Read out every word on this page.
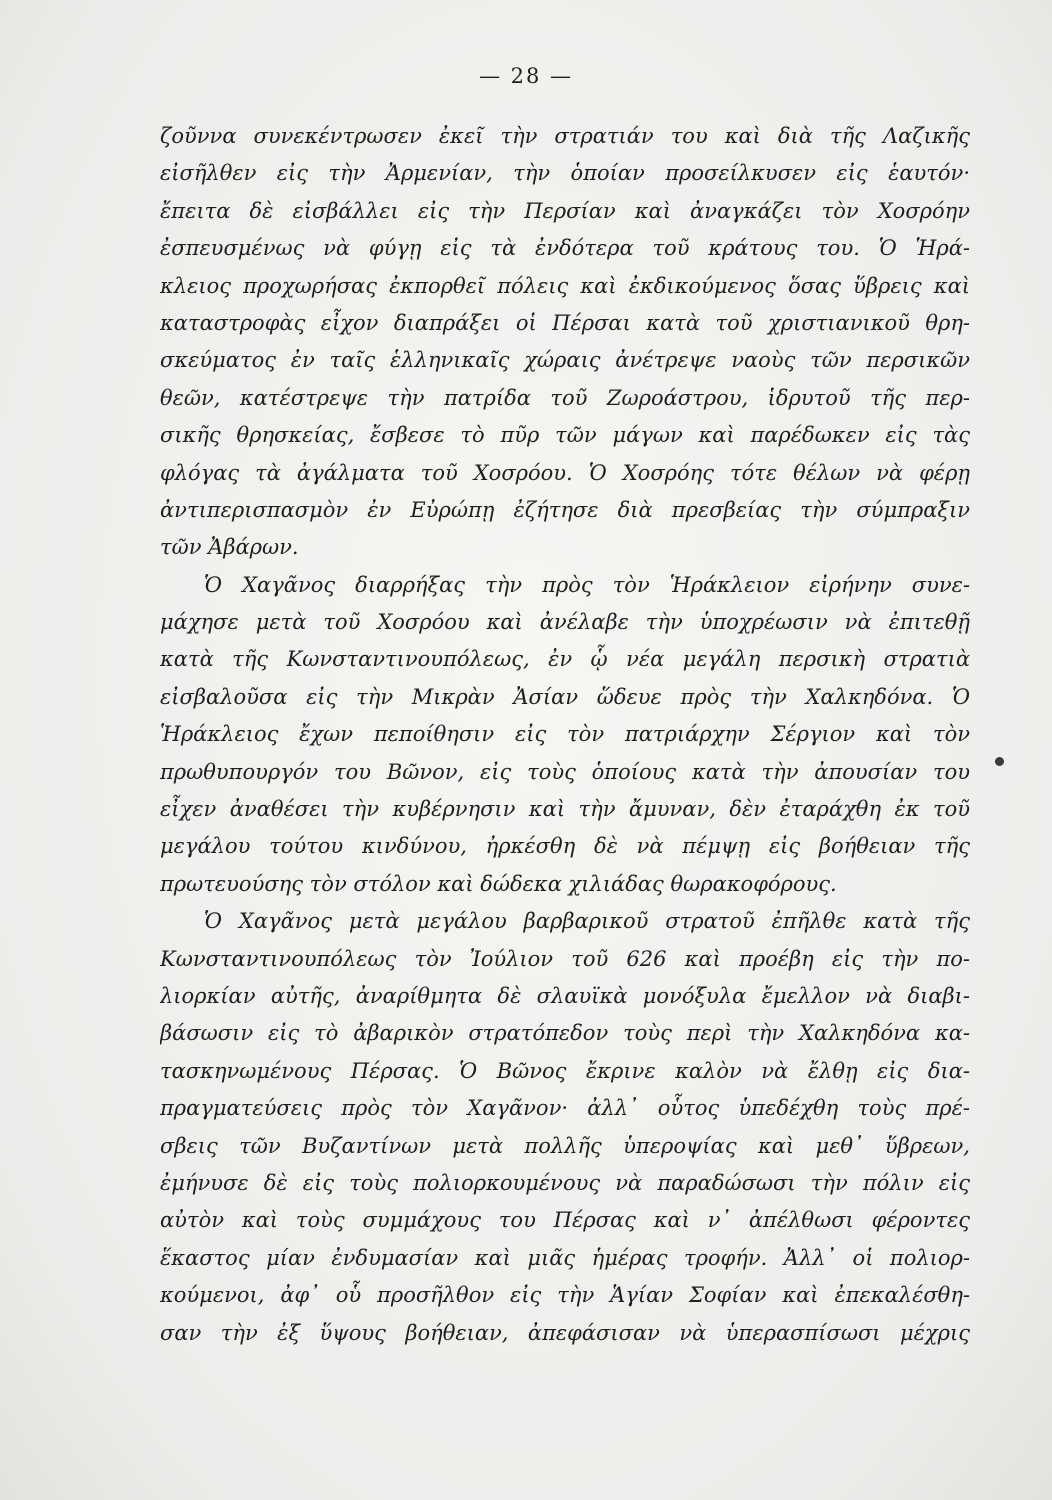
— 28 —
ζοῦννα συνεκέντρωσεν ἐκεῖ τὴν στρατιάν του καὶ διὰ τῆς Λαζικῆς
εἰσῆλθεν εἰς τὴν Ἀρμενίαν, τὴν ὁποίαν προσείλκυσεν εἰς ἑαυτόν·
ἔπειτα δὲ εἰσβάλλει εἰς τὴν Περσίαν καὶ ἀναγκάζει τὸν Χοσρόην
ἐσπευσμένως νὰ φύγῃ εἰς τὰ ἐνδότερα τοῦ κράτους του. Ὁ Ἡρά-
κλειος προχωρήσας ἐκπορθεῖ πόλεις καὶ ἐκδικούμενος ὅσας ὕβρεις καὶ
καταστροφὰς εἶχον διαπράξει οἱ Πέρσαι κατὰ τοῦ χριστιανικοῦ θρη-
σκεύματος ἐν ταῖς ἑλληνικαῖς χώραις ἀνέτρεψε ναοὺς τῶν περσικῶν
θεῶν, κατέστρεψε τὴν πατρίδα τοῦ Ζωροάστρου, ἱδρυτοῦ τῆς περ-
σικῆς θρησκείας, ἔσβεσε τὸ πῦρ τῶν μάγων καὶ παρέδωκεν εἰς τὰς
φλόγας τὰ ἀγάλματα τοῦ Χοσρόου. Ὁ Χοσρόης τότε θέλων νὰ φέρῃ
ἀντιπερισπασμὸν ἐν Εὐρώπῃ ἐζήτησε διὰ πρεσβείας τὴν σύμπραξιν
τῶν Ἀβάρων.
Ὁ Χαγᾶνος διαρρήξας τὴν πρὸς τὸν Ἡράκλειον εἰρήνην συνε-
μάχησε μετὰ τοῦ Χοσρόου καὶ ἀνέλαβε τὴν ὑποχρέωσιν νὰ ἐπιτεθῇ
κατὰ τῆς Κωνσταντινουπόλεως, ἐν ᾧ νέα μεγάλη περσικὴ στρατιὰ
εἰσβαλοῦσα εἰς τὴν Μικρὰν Ἀσίαν ὥδευε πρὸς τὴν Χαλκηδόνα. Ὁ
Ἡράκλειος ἔχων πεποίθησιν εἰς τὸν πατριάρχην Σέργιον καὶ τὸν
πρωθυπουργόν του Βῶνον, εἰς τοὺς ὁποίους κατὰ τὴν ἀπουσίαν του
εἶχεν ἀναθέσει τὴν κυβέρνησιν καὶ τὴν ἄμυναν, δὲν ἐταράχθη ἐκ τοῦ
μεγάλου τούτου κινδύνου, ἠρκέσθη δὲ νὰ πέμψῃ εἰς βοήθειαν τῆς
πρωτευούσης τὸν στόλον καὶ δώδεκα χιλιάδας θωρακοφόρους.
Ὁ Χαγᾶνος μετὰ μεγάλου βαρβαρικοῦ στρατοῦ ἐπῆλθε κατὰ τῆς
Κωνσταντινουπόλεως τὸν Ἰούλιον τοῦ 626 καὶ προέβη εἰς τὴν πο-
λιορκίαν αὐτῆς, ἀναρίθμητα δὲ σλαυϊκὰ μονόξυλα ἔμελλον νὰ διαβι-
βάσωσιν εἰς τὸ ἀβαρικὸν στρατόπεδον τοὺς περὶ τὴν Χαλκηδόνα κα-
τασκηνωμένους Πέρσας. Ὁ Βῶνος ἔκρινε καλὸν νὰ ἔλθῃ εἰς δια-
πραγματεύσεις πρὸς τὸν Χαγᾶνον· ἀλλ᾽ οὗτος ὑπεδέχθη τοὺς πρέ-
σβεις τῶν Βυζαντίνων μετὰ πολλῆς ὑπεροψίας καὶ μεθ᾽ ὕβρεων,
ἐμήνυσε δὲ εἰς τοὺς πολιορκουμένους νὰ παραδώσωσι τὴν πόλιν εἰς
αὐτὸν καὶ τοὺς συμμάχους του Πέρσας καὶ ν᾽ ἀπέλθωσι φέροντες
ἕκαστος μίαν ἐνδυμασίαν καὶ μιᾶς ἡμέρας τροφήν. Ἀλλ᾽ οἱ πολιορ-
κούμενοι, ἀφ᾽ οὗ προσῆλθον εἰς τὴν Ἁγίαν Σοφίαν καὶ ἐπεκαλέσθη-
σαν τὴν ἐξ ὕψους βοήθειαν, ἀπεφάσισαν νὰ ὑπερασπίσωσι μέχρις
